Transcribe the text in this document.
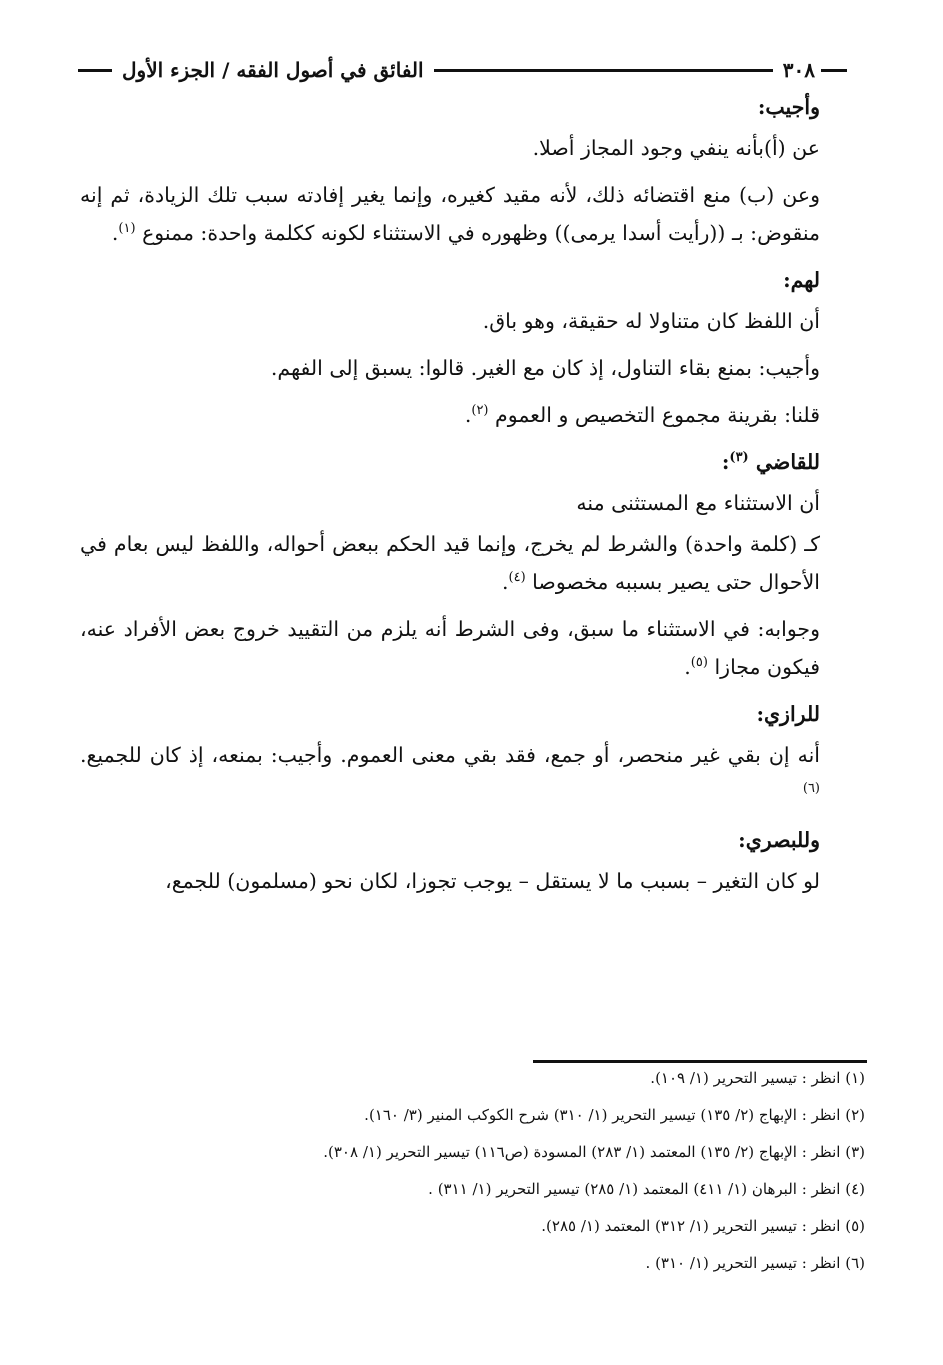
٣٠٨
الفائق في أصول الفقه / الجزء الأول

وأجيب:

عن (أ)بأنه ينفي وجود المجاز أصلا.

وعن (ب) منع اقتضائه ذلك، لأنه مقيد كغيره، وإنما يغير إفادته سبب تلك الزيادة، ثم إنه منقوض: بـ ((رأيت أسدا يرمى)) وظهوره في الاستثناء لكونه ككلمة واحدة: ممنوع $^{(١)}$.

لهم:

أن اللفظ كان متناولا له حقيقة، وهو باق.

وأجيب: بمنع بقاء التناول، إذ كان مع الغير. قالوا: يسبق إلى الفهم.

قلنا: بقرينة مجموع التخصيص و العموم $^{(٢)}$.

للقاضي $^{(٣)}$:

أن الاستثناء مع المستثنى منه

كـ (كلمة واحدة) والشرط لم يخرج، وإنما قيد الحكم ببعض أحواله، واللفظ ليس بعام في الأحوال حتى يصير بسببه مخصوصا $^{(٤)}$.

وجوابه: في الاستثناء ما سبق، وفى الشرط أنه يلزم من التقييد خروج بعض الأفراد عنه، فيكون مجازا $^{(٥)}$.

للرازي:

أنه إن بقي غير منحصر، أو جمع، فقد بقي معنى العموم. وأجيب: بمنعه، إذ كان للجميع. $^{(٦)}$

وللبصري:

لو كان التغير – بسبب ما لا يستقل – يوجب تجوزا، لكان نحو (مسلمون) للجمع،

(١) انظر : تيسير التحرير (١/ ١٠٩).

(٢) انظر : الإبهاج (٢/ ١٣٥) تيسير التحرير (١/ ٣١٠) شرح الكوكب المنير (٣/ ١٦٠).

(٣) انظر : الإبهاج (٢/ ١٣٥) المعتمد (١/ ٢٨٣) المسودة (ص١١٦) تيسير التحرير (١/ ٣٠٨).

(٤) انظر : البرهان (١/ ٤١١) المعتمد (١/ ٢٨٥) تيسير التحرير (١/ ٣١١) .

(٥) انظر : تيسير التحرير (١/ ٣١٢) المعتمد (١/ ٢٨٥).

(٦) انظر : تيسير التحرير (١/ ٣١٠) .
